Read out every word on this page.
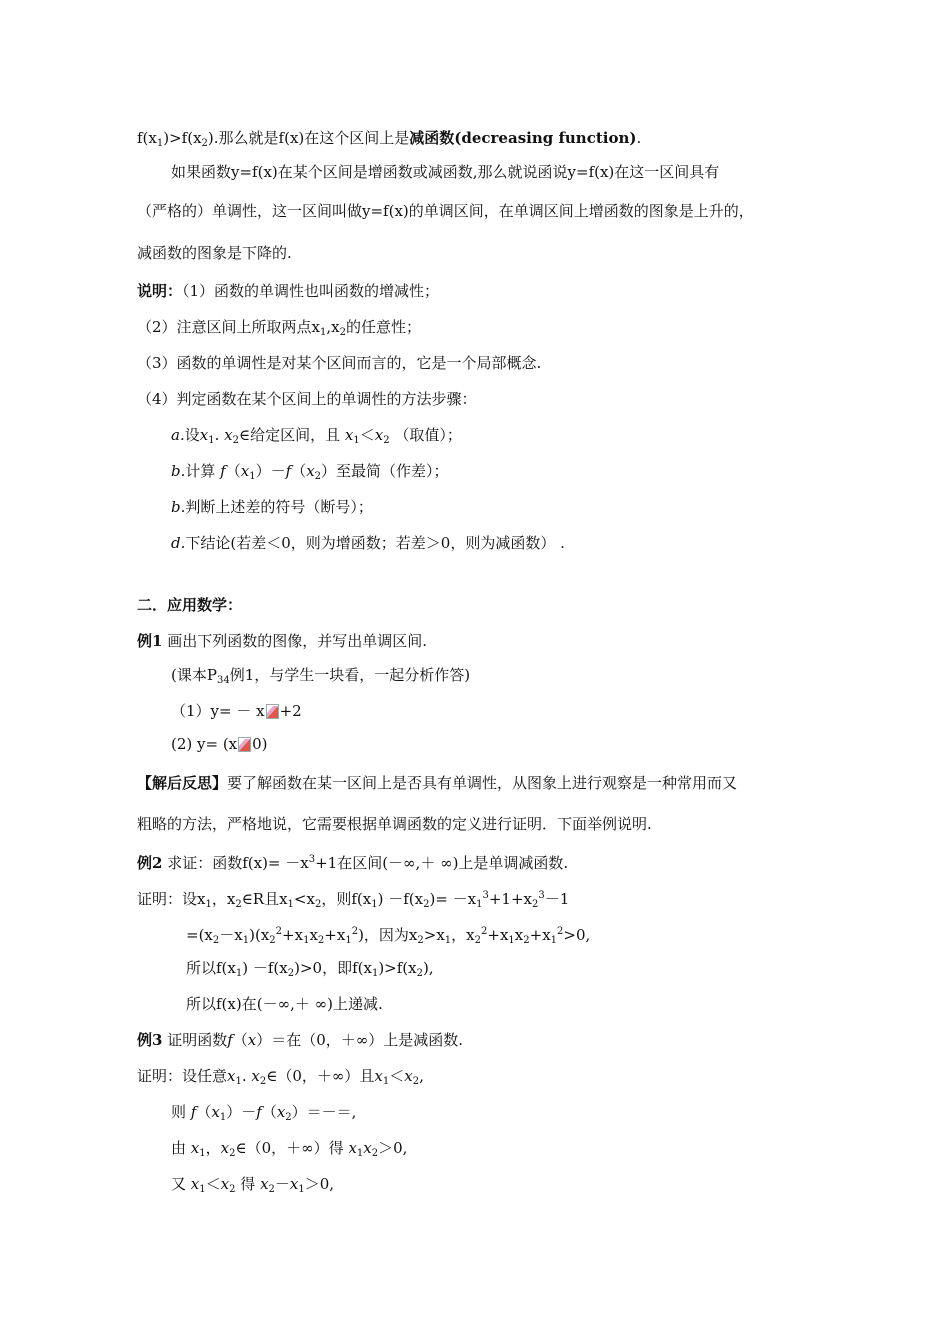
$f(x_1)>f(x_2)$.那么就是f(x)在这个区间上是减函数(decreasing function).
如果函数y=f(x)在某个区间是增函数或减函数,那么就说函说y=f(x)在这一区间具有
（严格的）单调性，这一区间叫做y=f(x)的单调区间，在单调区间上增函数的图象是上升的，
减函数的图象是下降的.
说明：（1）函数的单调性也叫函数的增减性；
（2）注意区间上所取两点$x_1,x_2$的任意性；
（3）函数的单调性是对某个区间而言的，它是一个局部概念.
（4）判定函数在某个区间上的单调性的方法步骤：
a.设$x_1$. $x_2\in$给定区间，且 $x_1<x_2$ （取值）；
b.计算 $f(x_1)-f(x_2)$至最简（作差）；
b.判断上述差的符号（断号）；
d.下结论(若差＜0，则为增函数；若差＞0，则为减函数） .
二．应用数学：
例1 画出下列函数的图像，并写出单调区间.
(课本$P_{34}$例1，与学生一块看，一起分析作答)
（1）y= － x +2
(2) y= (x 0)
【解后反思】要了解函数在某一区间上是否具有单调性，从图象上进行观察是一种常用而又
粗略的方法，严格地说，它需要根据单调函数的定义进行证明．下面举例说明.
例2 求证：函数$f(x)= -x^3+1$在区间(－∞,＋ ∞)上是单调减函数.
证明：设$x_1$，$x_2\in R$且$x_1<x_2$，则$f(x_1) -f(x_2)= -x_1^3+1+x_2^3-1$
$=(x_2-x_1)(x_2^2+x_1x_2+x_1^2)$，因为$x_2>x_1$，$x_2^2+x_1x_2+x_1^2>0$,
所以$f(x_1) -f(x_2)>0$，即$f(x_1)>f(x_2)$,
所以f(x)在(－∞,＋ ∞)上递减.
例3 证明函数f（x）＝在（0，＋∞）上是减函数.
证明：设任意$x_1$. $x_2\in(0$，＋∞）且$x_1<x_2$,
则 $f(x_1)-f(x_2)=-=$,
由 $x_1$，$x_2\in(0$，＋∞）得 $x_1x_2>0$,
又 $x_1<x_2$ 得 $x_2-x_1>0$,
